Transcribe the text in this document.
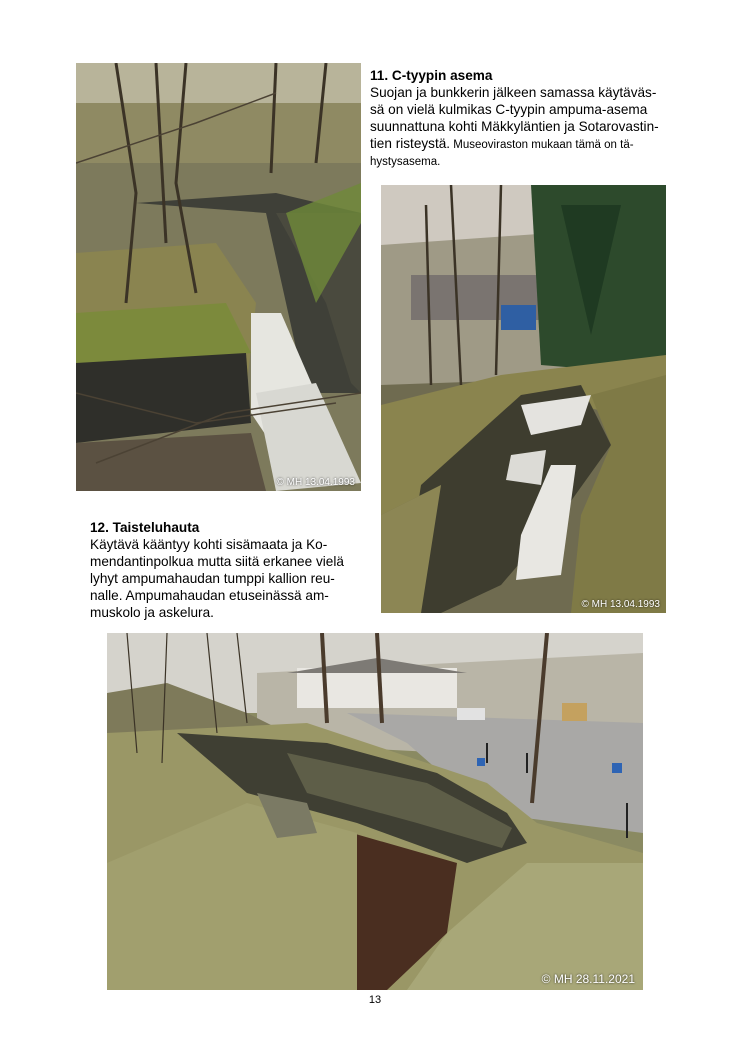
© MH 13.04.1993

11. C-tyypin asema

Suojan ja bunkkerin jälkeen samassa käytäväs-

sä on vielä kulmikas C-tyypin ampuma-asema

suunnattuna kohti Mäkkyläntien ja Sotarovastin-

tien risteystä. Museoviraston mukaan tämä on tä-

hystysasema.

© MH 13.04.1993

12. Taisteluhauta

Käytävä kääntyy kohti sisämaata ja Ko-

mendantinpolkua mutta siitä erkanee vielä

lyhyt ampumahaudan tumppi kallion reu-

nalle. Ampumahaudan etuseinässä am-

muskolo ja askelura.

© MH 28.11.2021
13
